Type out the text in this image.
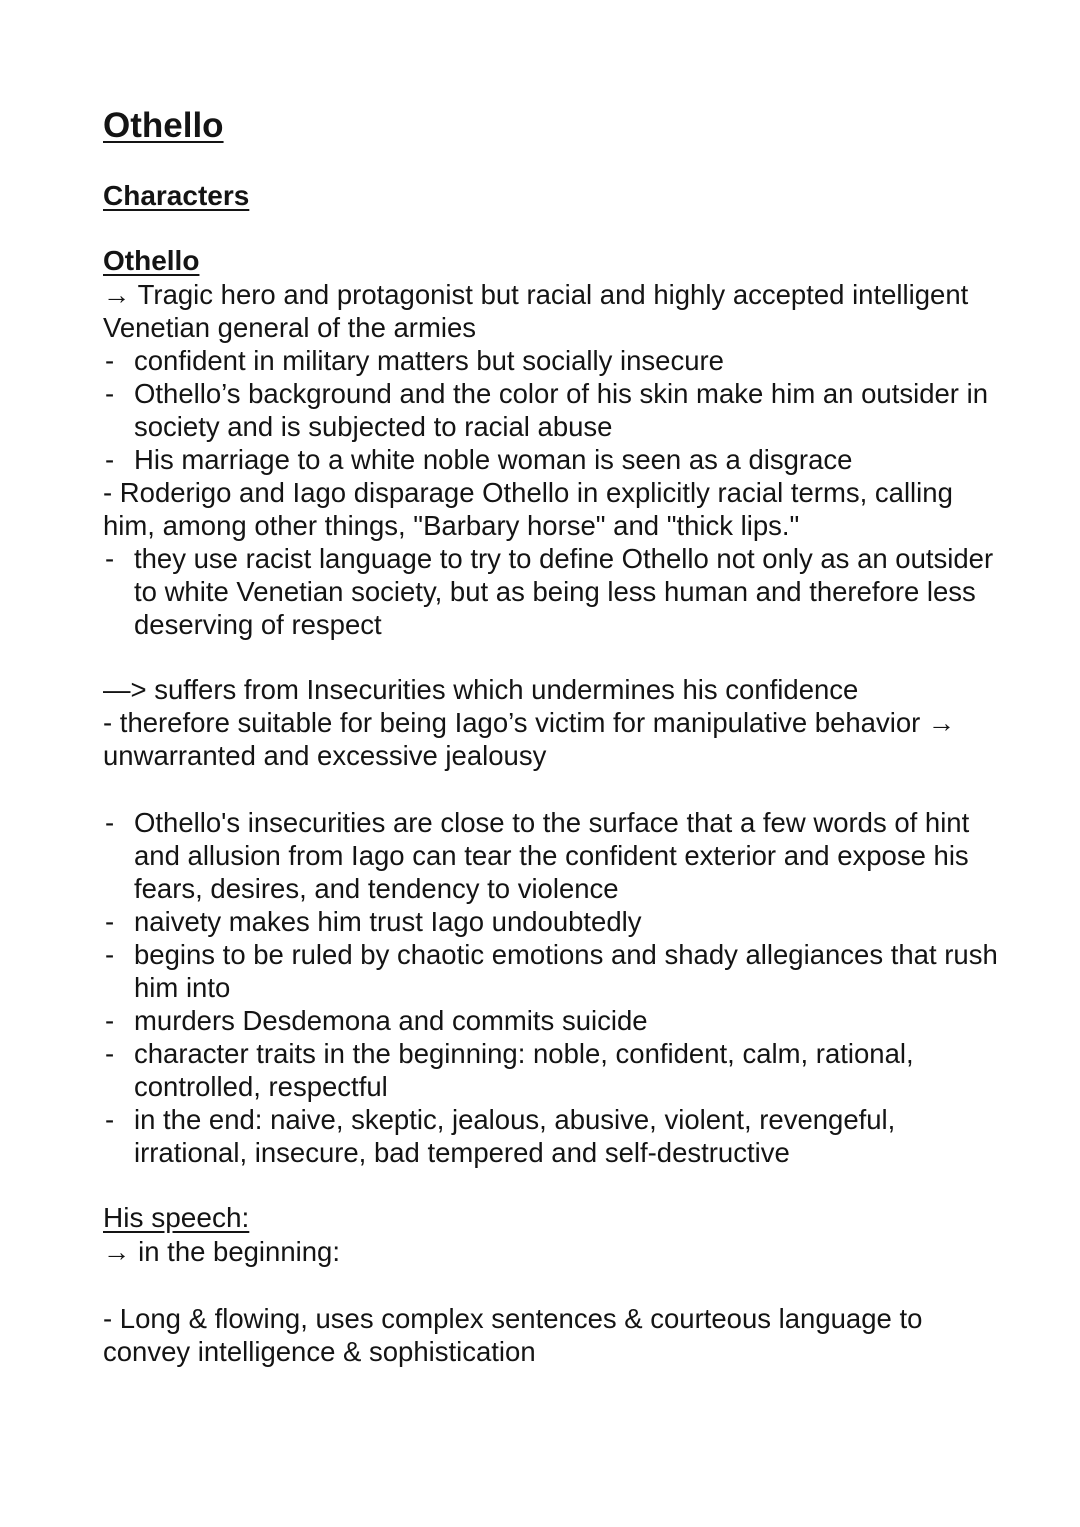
Othello
Characters
Othello
→ Tragic hero and protagonist but racial and highly accepted intelligent Venetian general of the armies
- confident in military matters but socially insecure
- Othello’s background and the color of his skin make him an outsider in society and is subjected to racial abuse
- His marriage to a white noble woman is seen as a disgrace
- Roderigo and Iago disparage Othello in explicitly racial terms, calling him, among other things, "Barbary horse" and "thick lips."
- they use racist language to try to define Othello not only as an outsider to white Venetian society, but as being less human and therefore less deserving of respect
—> suffers from Insecurities which undermines his confidence
- therefore suitable for being Iago’s victim for manipulative behavior → unwarranted and excessive jealousy
- Othello's insecurities are close to the surface that a few words of hint and allusion from Iago can tear the confident exterior and expose his fears, desires, and tendency to violence
- naivety makes him trust Iago undoubtedly
- begins to be ruled by chaotic emotions and shady allegiances that rush him into
- murders Desdemona and commits suicide
- character traits in the beginning: noble, confident, calm, rational, controlled, respectful
- in the end: naive, skeptic, jealous, abusive, violent, revengeful, irrational, insecure, bad tempered and self-destructive
His speech:
→ in the beginning:
- Long & flowing, uses complex sentences & courteous language to convey intelligence & sophistication
